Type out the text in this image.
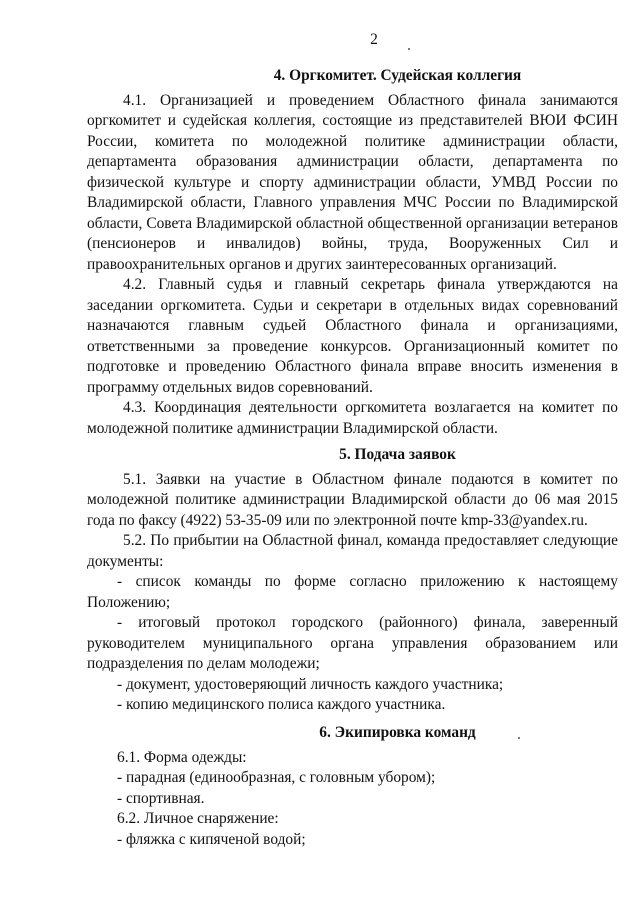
2
4. Оргкомитет. Судейская коллегия

4.1. Организацией и проведением Областного финала занимаются оргкомитет и судейская коллегия, состоящие из представителей ВЮИ ФСИН России, комитета по молодежной политике администрации области, департамента образования администрации области, департамента по физической культуре и спорту администрации области, УМВД России по Владимирской области, Главного управления МЧС России по Владимирской области, Совета Владимирской областной общественной организации ветеранов (пенсионеров и инвалидов) войны, труда, Вооруженных Сил и правоохранительных органов и других заинтересованных организаций.

4.2. Главный судья и главный секретарь финала утверждаются на заседании оргкомитета. Судьи и секретари в отдельных видах соревнований назначаются главным судьей Областного финала и организациями, ответственными за проведение конкурсов. Организационный комитет по подготовке и проведению Областного финала вправе вносить изменения в программу отдельных видов соревнований.

4.3. Координация деятельности оргкомитета возлагается на комитет по молодежной политике администрации Владимирской области.

5. Подача заявок

5.1. Заявки на участие в Областном финале подаются в комитет по молодежной политике администрации Владимирской области до 06 мая 2015 года по факсу (4922) 53-35-09 или по электронной почте kmp-33@yandex.ru.

5.2. По прибытии на Областной финал, команда предоставляет следующие документы:

- список команды по форме согласно приложению к настоящему Положению;

- итоговый протокол городского (районного) финала, заверенный руководителем муниципального органа управления образованием или подразделения по делам молодежи;

- документ, удостоверяющий личность каждого участника;

- копию медицинского полиса каждого участника.

6. Экипировка команд

6.1. Форма одежды:

- парадная (единообразная, с головным убором);

- спортивная.

6.2. Личное снаряжение:

- фляжка с кипяченой водой;
